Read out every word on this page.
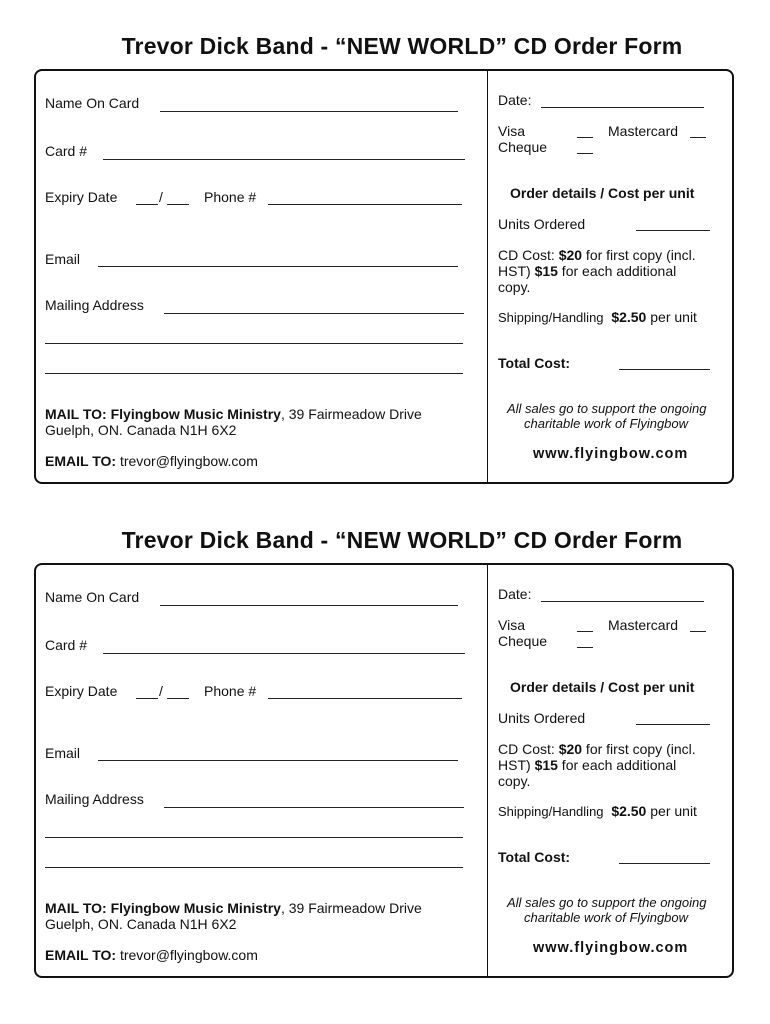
Trevor Dick Band - “NEW WORLD” CD Order Form
Name On Card
Card #
Expiry Date	/	Phone #
Email
Mailing Address
MAIL TO: Flyingbow Music Ministry, 39 Fairmeadow Drive
Guelph, ON. Canada N1H 6X2
EMAIL TO: trevor@flyingbow.com
Date:
Visa	Mastercard
Cheque
Order details / Cost per unit
Units Ordered
CD Cost: $20 for first copy (incl.
HST) $15 for each additional
copy.
Shipping/Handling $2.50 per unit
Total Cost:
All sales go to support the ongoing
charitable work of Flyingbow
www.flyingbow.com
Trevor Dick Band - “NEW WORLD” CD Order Form
Name On Card
Card #
Expiry Date	/	Phone #
Email
Mailing Address
MAIL TO: Flyingbow Music Ministry, 39 Fairmeadow Drive
Guelph, ON. Canada N1H 6X2
EMAIL TO: trevor@flyingbow.com
Date:
Visa	Mastercard
Cheque
Order details / Cost per unit
Units Ordered
CD Cost: $20 for first copy (incl.
HST) $15 for each additional
copy.
Shipping/Handling $2.50 per unit
Total Cost:
All sales go to support the ongoing
charitable work of Flyingbow
www.flyingbow.com
